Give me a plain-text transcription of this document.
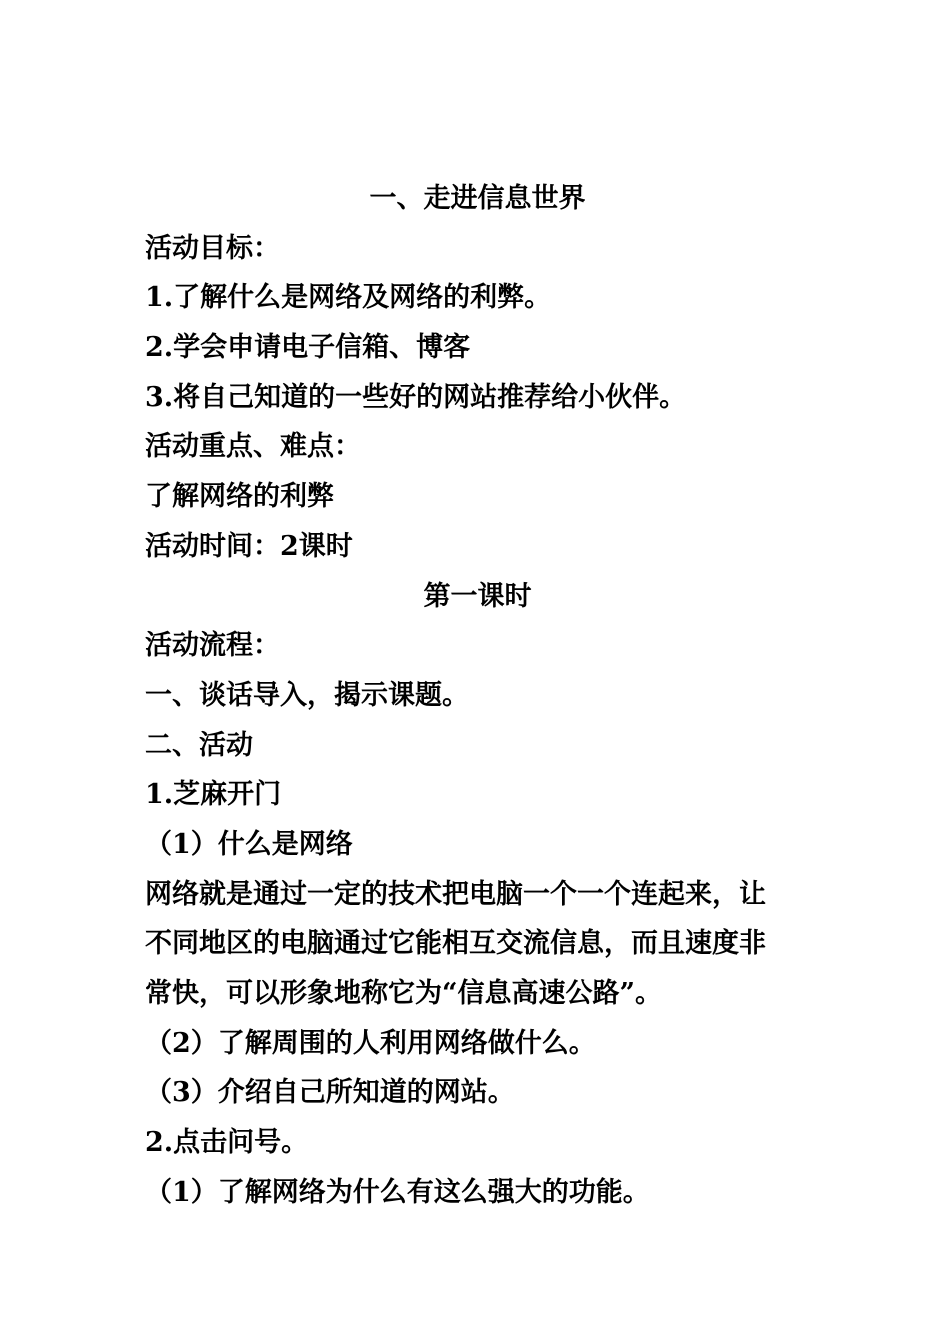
一、走进信息世界
活动目标：
1.了解什么是网络及网络的利弊。
2.学会申请电子信箱、博客
3.将自己知道的一些好的网站推荐给小伙伴。
活动重点、难点：
了解网络的利弊
活动时间：2课时
第一课时
活动流程：
一、谈话导入，揭示课题。
二、活动
1.芝麻开门
（1）什么是网络
网络就是通过一定的技术把电脑一个一个连起来，让
不同地区的电脑通过它能相互交流信息，而且速度非
常快，可以形象地称它为“信息高速公路”。
（2）了解周围的人利用网络做什么。
（3）介绍自己所知道的网站。
2.点击问号。
（1）了解网络为什么有这么强大的功能。
